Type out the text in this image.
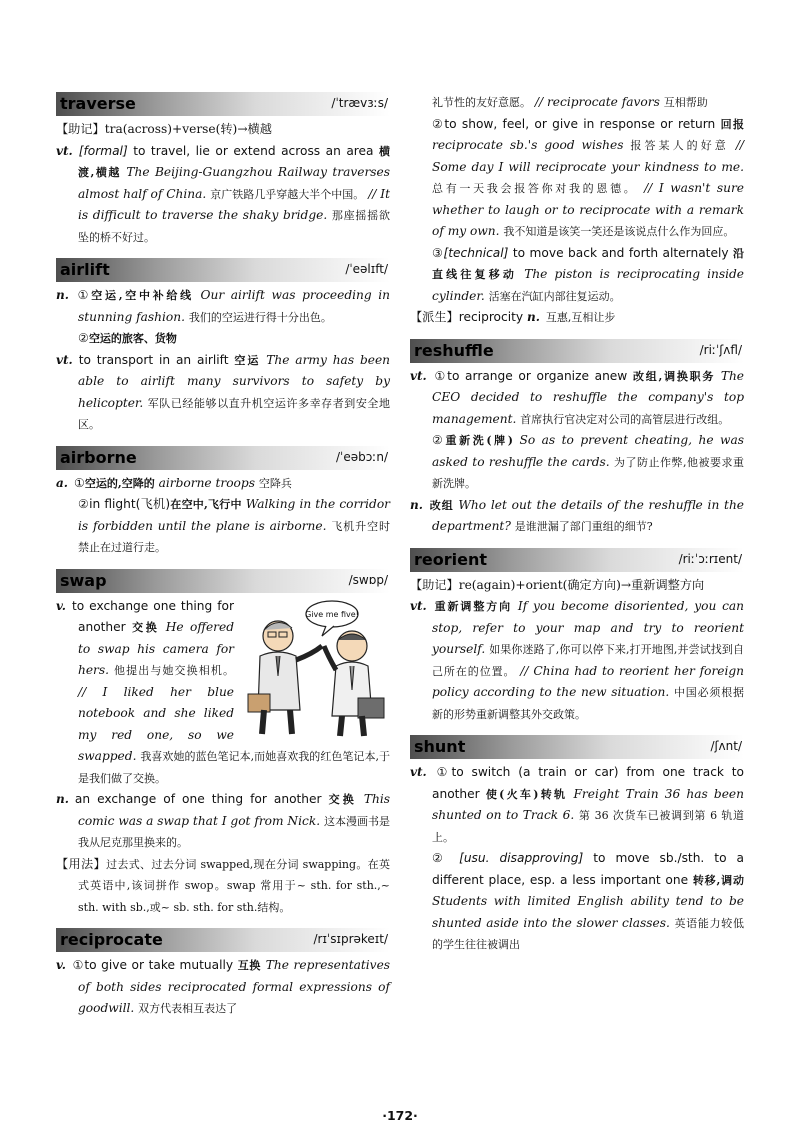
traverse	/ˈtrævɜːs/

【助记】tra(across)+verse(转)→横越

vt. [formal] to travel, lie or extend across an area 横渡,横越 The Beijing-Guangzhou Railway traverses almost half of China. 京广铁路几乎穿越大半个中国。 // It is difficult to traverse the shaky bridge. 那座摇摇欲坠的桥不好过。

airlift	/ˈeəlɪft/

n. ①空运,空中补给线 Our airlift was proceeding in stunning fashion. 我们的空运进行得十分出色。

②空运的旅客、货物

vt. to transport in an airlift 空运 The army has been able to airlift many survivors to safety by helicopter. 军队已经能够以直升机空运许多幸存者到安全地区。

airborne	/ˈeəbɔːn/

a. ①空运的,空降的 airborne troops 空降兵

②in flight(飞机)在空中,飞行中 Walking in the corridor is forbidden until the plane is airborne. 飞机升空时禁止在过道行走。

swap	/swɒp/
Give me five!

v. to exchange one thing for another 交换 He offered to swap his camera for hers. 他提出与她交换相机。 // I liked her blue notebook and she liked my red one, so we swapped. 我喜欢她的蓝色笔记本,而她喜欢我的红色笔记本,于是我们做了交换。

n. an exchange of one thing for another 交换 This comic was a swap that I got from Nick. 这本漫画书是我从尼克那里换来的。

【用法】过去式、过去分词 swapped,现在分词 swapping。在英式英语中,该词拼作 swop。swap 常用于~ sth. for sth.,~ sth. with sb.,或~ sb. sth. for sth.结构。

reciprocate	/rɪˈsɪprəkeɪt/

v. ①to give or take mutually 互换 The representatives of both sides reciprocated formal expressions of goodwill. 双方代表相互表达了

礼节性的友好意愿。 // reciprocate favors 互相帮助

②to show, feel, or give in response or return 回报 reciprocate sb.'s good wishes 报答某人的好意 // Some day I will reciprocate your kindness to me. 总有一天我会报答你对我的恩德。 // I wasn't sure whether to laugh or to reciprocate with a remark of my own. 我不知道是该笑一笑还是该说点什么作为回应。

③[technical] to move back and forth alternately 沿直线往复移动 The piston is reciprocating inside cylinder. 活塞在汽缸内部往复运动。

【派生】reciprocity n. 互惠,互相让步

reshuffle	/riːˈʃʌfl/

vt. ①to arrange or organize anew 改组,调换职务 The CEO decided to reshuffle the company's top management. 首席执行官决定对公司的高管层进行改组。

②重新洗(牌) So as to prevent cheating, he was asked to reshuffle the cards. 为了防止作弊,他被要求重新洗牌。

n. 改组 Who let out the details of the reshuffle in the department? 是谁泄漏了部门重组的细节?

reorient	/riːˈɔːrɪent/

【助记】re(again)+orient(确定方向)→重新调整方向

vt. 重新调整方向 If you become disoriented, you can stop, refer to your map and try to reorient yourself. 如果你迷路了,你可以停下来,打开地图,并尝试找到自己所在的位置。 // China had to reorient her foreign policy according to the new situation. 中国必须根据新的形势重新调整其外交政策。

shunt	/ʃʌnt/

vt. ①to switch (a train or car) from one track to another 使(火车)转轨 Freight Train 36 has been shunted on to Track 6. 第 36 次货车已被调到第 6 轨道上。

② [usu. disapproving] to move sb./sth. to a different place, esp. a less important one 转移,调动 Students with limited English ability tend to be shunted aside into the slower classes. 英语能力较低的学生往往被调出

·172·
